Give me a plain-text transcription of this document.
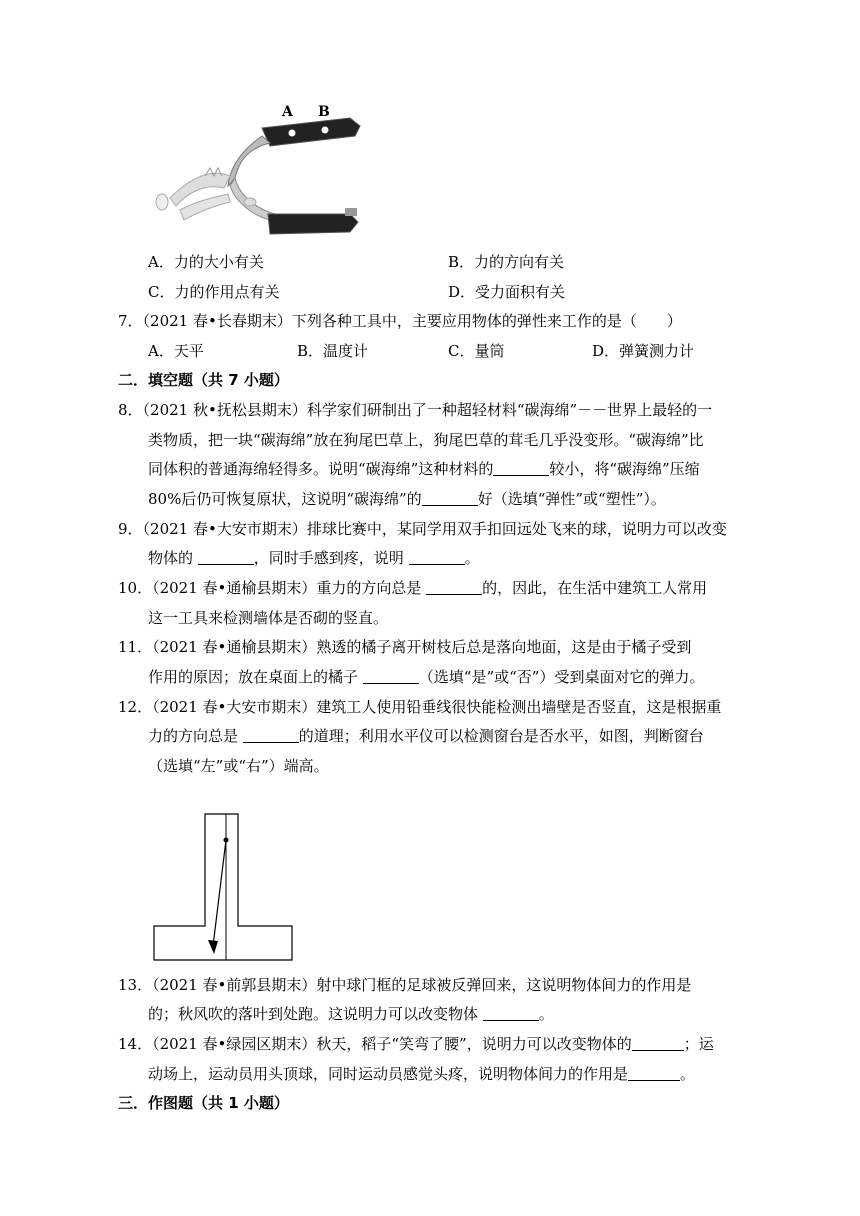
A B
A．力的大小有关	B．力的方向有关
C．力的作用点有关	D．受力面积有关
7．（2021 春•长春期末）下列各种工具中，主要应用物体的弹性来工作的是（　　）
A．天平	B．温度计	C．量筒	D．弹簧测力计
二．填空题（共 7 小题）
8．（2021 秋•抚松县期末）科学家们研制出了一种超轻材料“碳海绵”－－世界上最轻的一
类物质，把一块“碳海绵”放在狗尾巴草上，狗尾巴草的茸毛几乎没变形。“碳海绵”比
同体积的普通海绵轻得多。说明“碳海绵”这种材料的	较小，将“碳海绵”压缩
80%后仍可恢复原状，这说明“碳海绵”的	好（选填“弹性”或“塑性”）。
9．（2021 春•大安市期末）排球比赛中，某同学用双手扣回远处飞来的球，说明力可以改变
物体的	，同时手感到疼，说明	。
10．（2021 春•通榆县期末）重力的方向总是	的，因此，在生活中建筑工人常用
这一工具来检测墙体是否砌的竖直。
11．（2021 春•通榆县期末）熟透的橘子离开树枝后总是落向地面，这是由于橘子受到
作用的原因；放在桌面上的橘子	（选填“是”或“否”）受到桌面对它的弹力。
12．（2021 春•大安市期末）建筑工人使用铅垂线很快能检测出墙壁是否竖直，这是根据重
力的方向总是	的道理；利用水平仪可以检测窗台是否水平，如图，判断窗台
（选填“左”或“右”）端高。
13．（2021 春•前郭县期末）射中球门框的足球被反弹回来，这说明物体间力的作用是
的；秋风吹的落叶到处跑。这说明力可以改变物体	。
14．（2021 春•绿园区期末）秋天，稻子“笑弯了腰”，说明力可以改变物体的	；运
动场上，运动员用头顶球，同时运动员感觉头疼，说明物体间力的作用是	。
三．作图题（共 1 小题）
